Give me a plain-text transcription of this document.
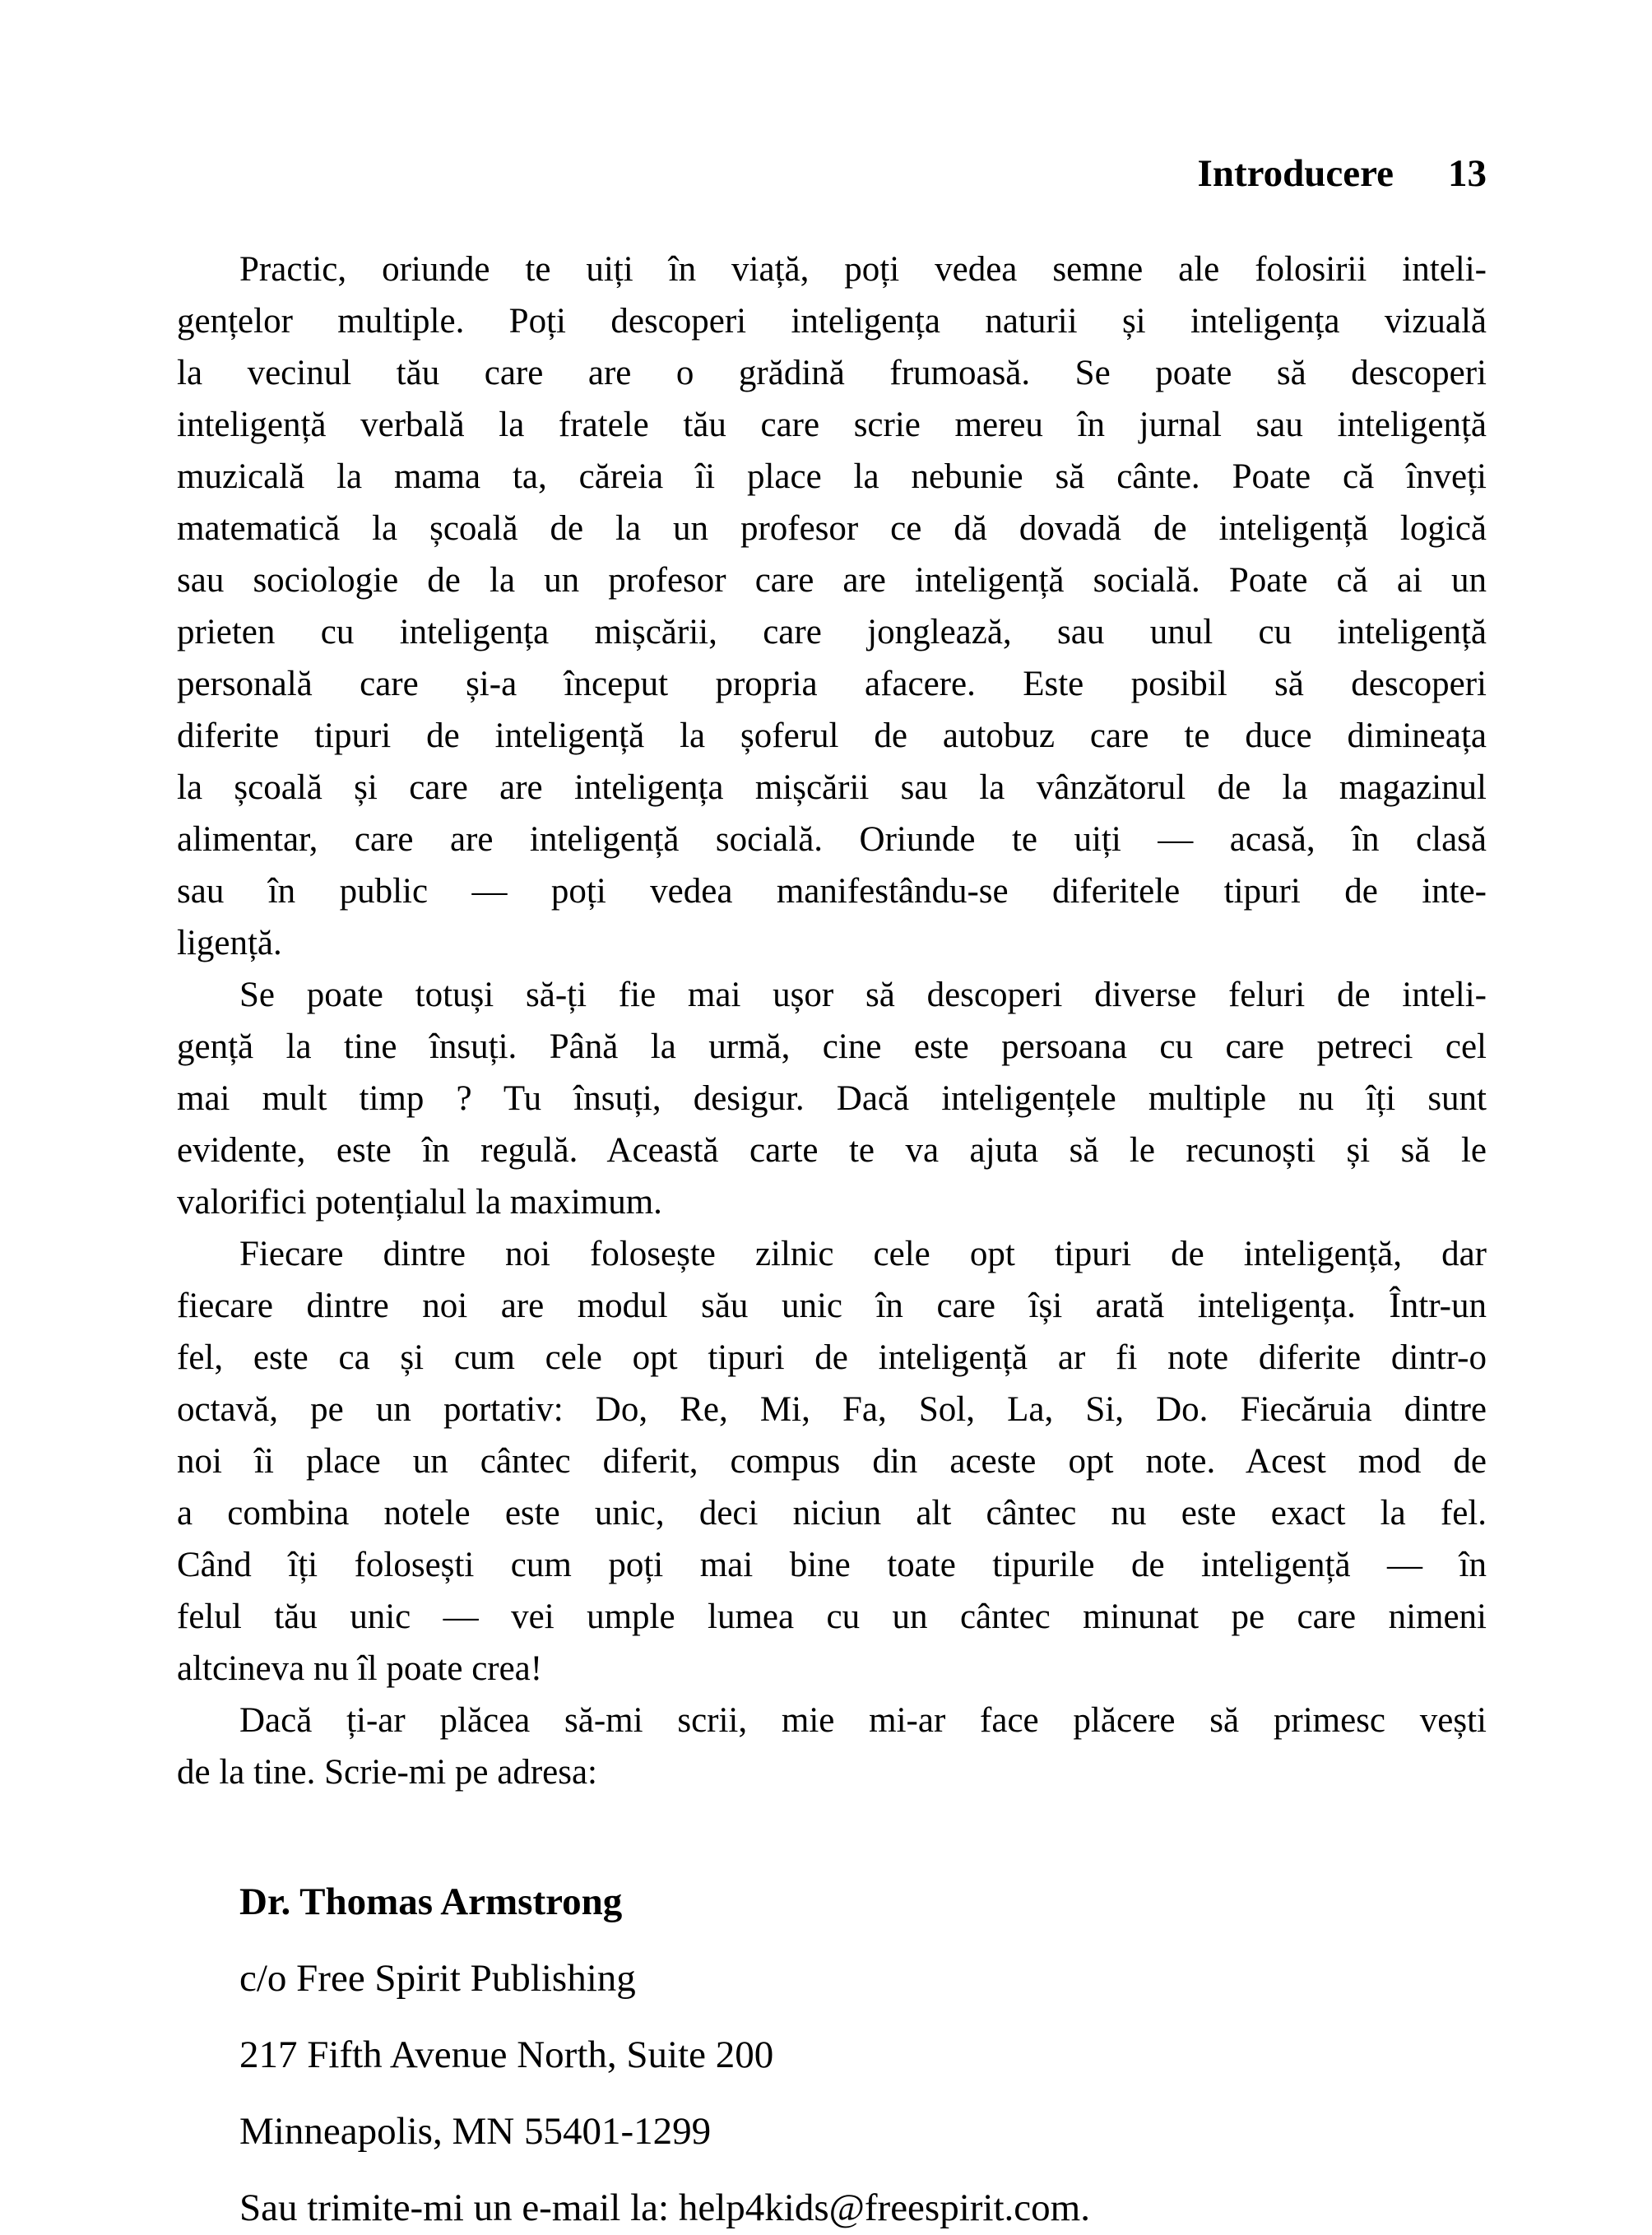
Introducere 13
Practic, oriunde te uiți în viață, poți vedea semne ale folosirii inteli-
gențelor multiple. Poți descoperi inteligența naturii și inteligența vizuală
la vecinul tău care are o grădină frumoasă. Se poate să descoperi
inteligență verbală la fratele tău care scrie mereu în jurnal sau inteligență
muzicală la mama ta, căreia îi place la nebunie să cânte. Poate că înveți
matematică la școală de la un profesor ce dă dovadă de inteligență logică
sau sociologie de la un profesor care are inteligență socială. Poate că ai un
prieten cu inteligența mișcării, care jonglează, sau unul cu inteligență
personală care și-a început propria afacere. Este posibil să descoperi
diferite tipuri de inteligență la șoferul de autobuz care te duce dimineața
la școală și care are inteligența mișcării sau la vânzătorul de la magazinul
alimentar, care are inteligență socială. Oriunde te uiți — acasă, în clasă
sau în public — poți vedea manifestându-se diferitele tipuri de inte-
ligență.
Se poate totuși să-ți fie mai ușor să descoperi diverse feluri de inteli-
gență la tine însuți. Până la urmă, cine este persoana cu care petreci cel
mai mult timp ? Tu însuți, desigur. Dacă inteligențele multiple nu îți sunt
evidente, este în regulă. Această carte te va ajuta să le recunoști și să le
valorifici potențialul la maximum.
Fiecare dintre noi folosește zilnic cele opt tipuri de inteligență, dar
fiecare dintre noi are modul său unic în care își arată inteligența. Într-un
fel, este ca și cum cele opt tipuri de inteligență ar fi note diferite dintr-o
octavă, pe un portativ: Do, Re, Mi, Fa, Sol, La, Si, Do. Fiecăruia dintre
noi îi place un cântec diferit, compus din aceste opt note. Acest mod de
a combina notele este unic, deci niciun alt cântec nu este exact la fel.
Când îți folosești cum poți mai bine toate tipurile de inteligență — în
felul tău unic — vei umple lumea cu un cântec minunat pe care nimeni
altcineva nu îl poate crea!
Dacă ți-ar plăcea să-mi scrii, mie mi-ar face plăcere să primesc vești
de la tine. Scrie-mi pe adresa:
Dr. Thomas Armstrong
c/o Free Spirit Publishing
217 Fifth Avenue North, Suite 200
Minneapolis, MN 55401-1299
Sau trimite-mi un e-mail la: help4kids@freespirit.com.
